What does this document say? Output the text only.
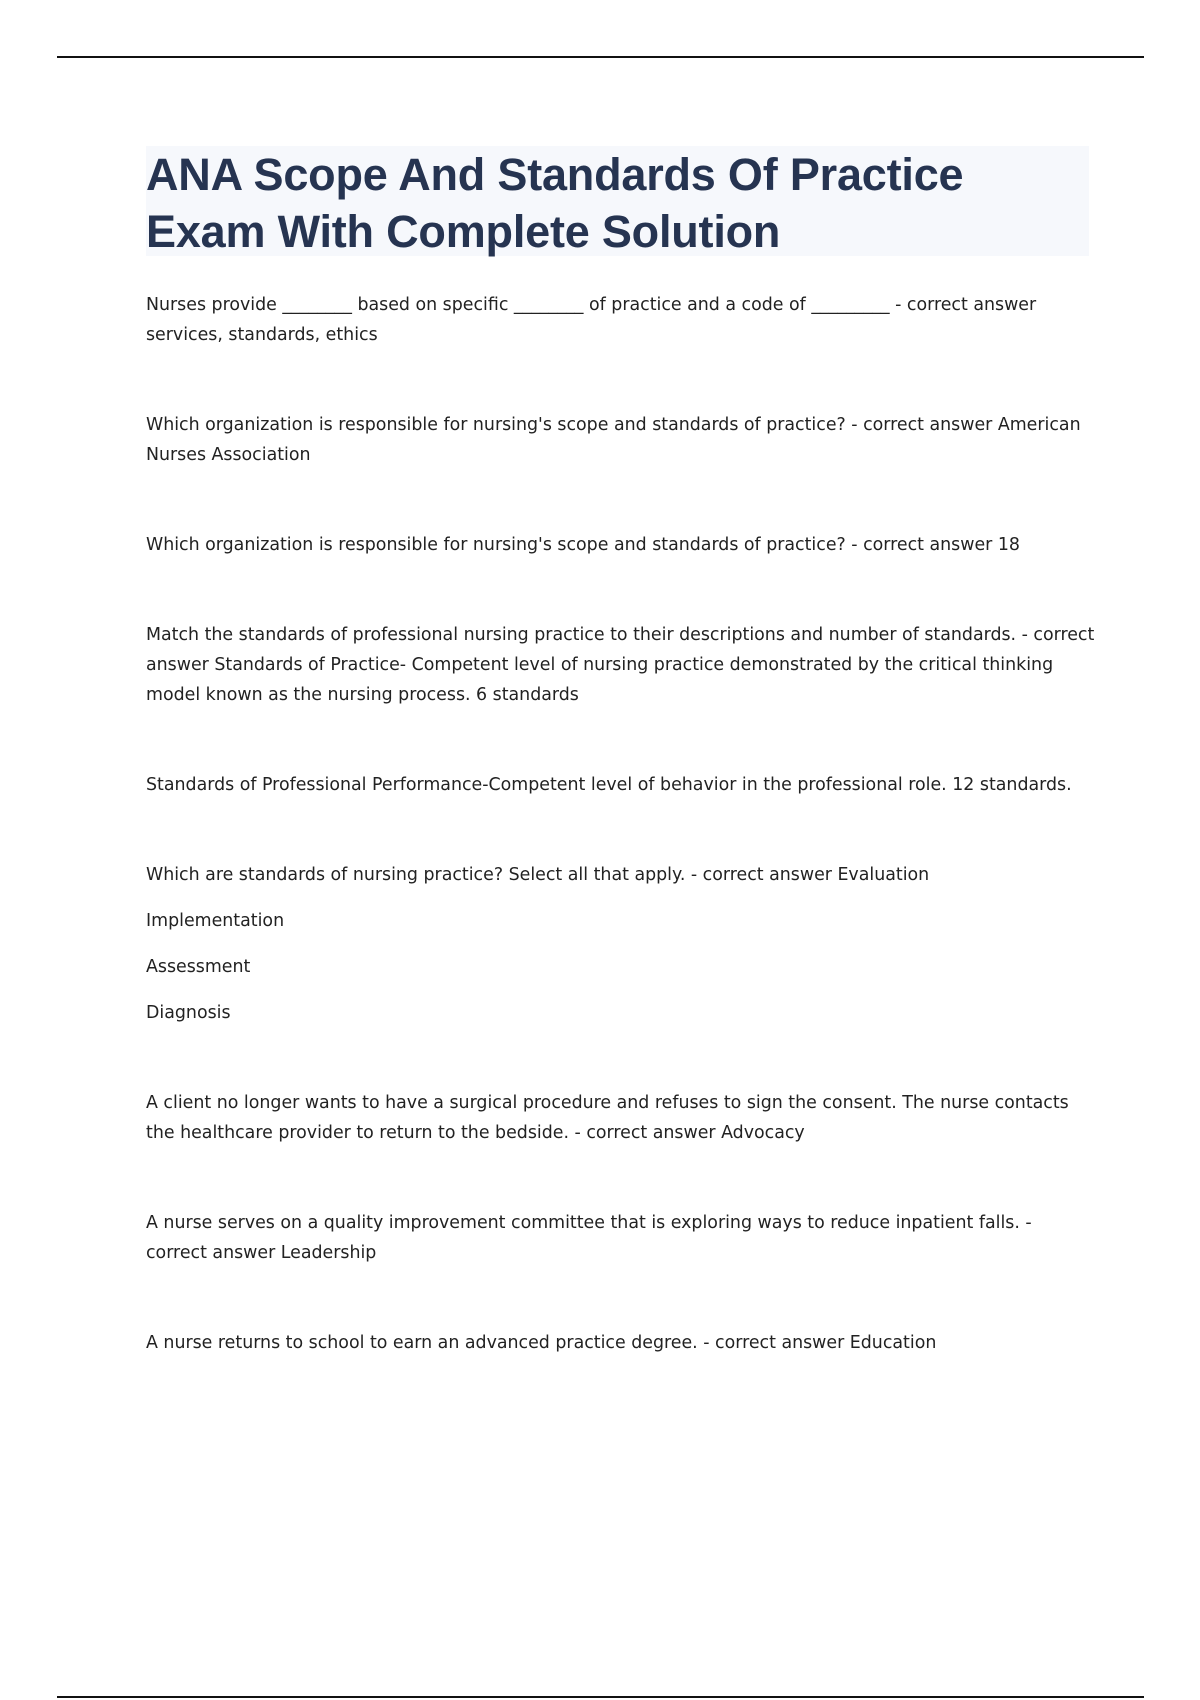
ANA Scope And Standards Of Practice Exam With Complete Solution

Nurses provide ________ based on specific ________ of practice and a code of _________ - correct answer services, standards, ethics

Which organization is responsible for nursing's scope and standards of practice? - correct answer American Nurses Association

Which organization is responsible for nursing's scope and standards of practice? - correct answer 18

Match the standards of professional nursing practice to their descriptions and number of standards. - correct answer Standards of Practice- Competent level of nursing practice demonstrated by the critical thinking model known as the nursing process. 6 standards

Standards of Professional Performance-Competent level of behavior in the professional role. 12 standards.

Which are standards of nursing practice? Select all that apply. - correct answer Evaluation

Implementation

Assessment

Diagnosis

A client no longer wants to have a surgical procedure and refuses to sign the consent. The nurse contacts the healthcare provider to return to the bedside. - correct answer Advocacy

A nurse serves on a quality improvement committee that is exploring ways to reduce inpatient falls. - correct answer Leadership

A nurse returns to school to earn an advanced practice degree. - correct answer Education
